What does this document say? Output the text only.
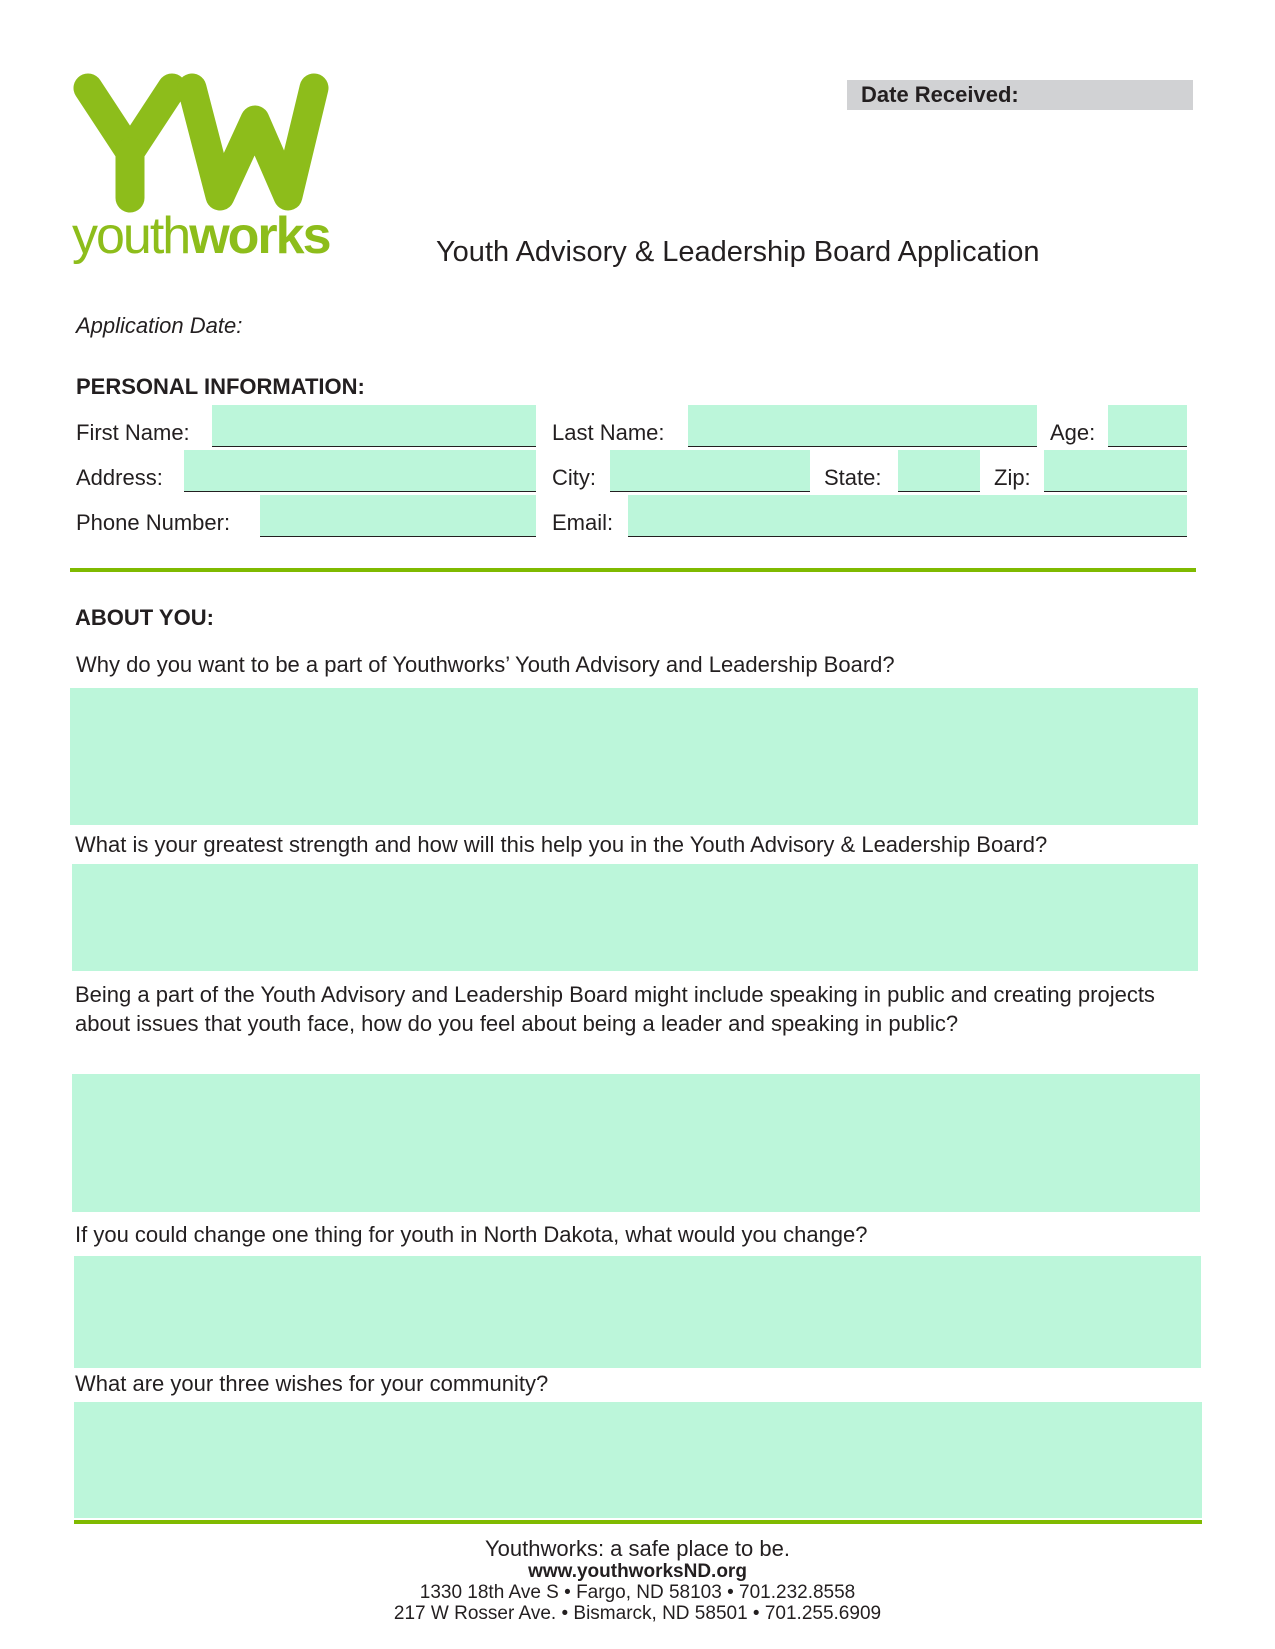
youthworks
Date Received:
Youth Advisory & Leadership Board Application
Application Date:
PERSONAL INFORMATION:
First Name:	Last Name:	Age:
Address:	City:	State:	Zip:
Phone Number:	Email:
ABOUT YOU:
Why do you want to be a part of Youthworks’ Youth Advisory and Leadership Board?
What is your greatest strength and how will this help you in the Youth Advisory & Leadership Board?
Being a part of the Youth Advisory and Leadership Board might include speaking in public and creating projects about issues that youth face, how do you feel about being a leader and speaking in public?
If you could change one thing for youth in North Dakota, what would you change?
What are your three wishes for your community?
Youthworks: a safe place to be.
www.youthworksND.org
1330 18th Ave S • Fargo, ND 58103 • 701.232.8558
217 W Rosser Ave. • Bismarck, ND 58501 • 701.255.6909
